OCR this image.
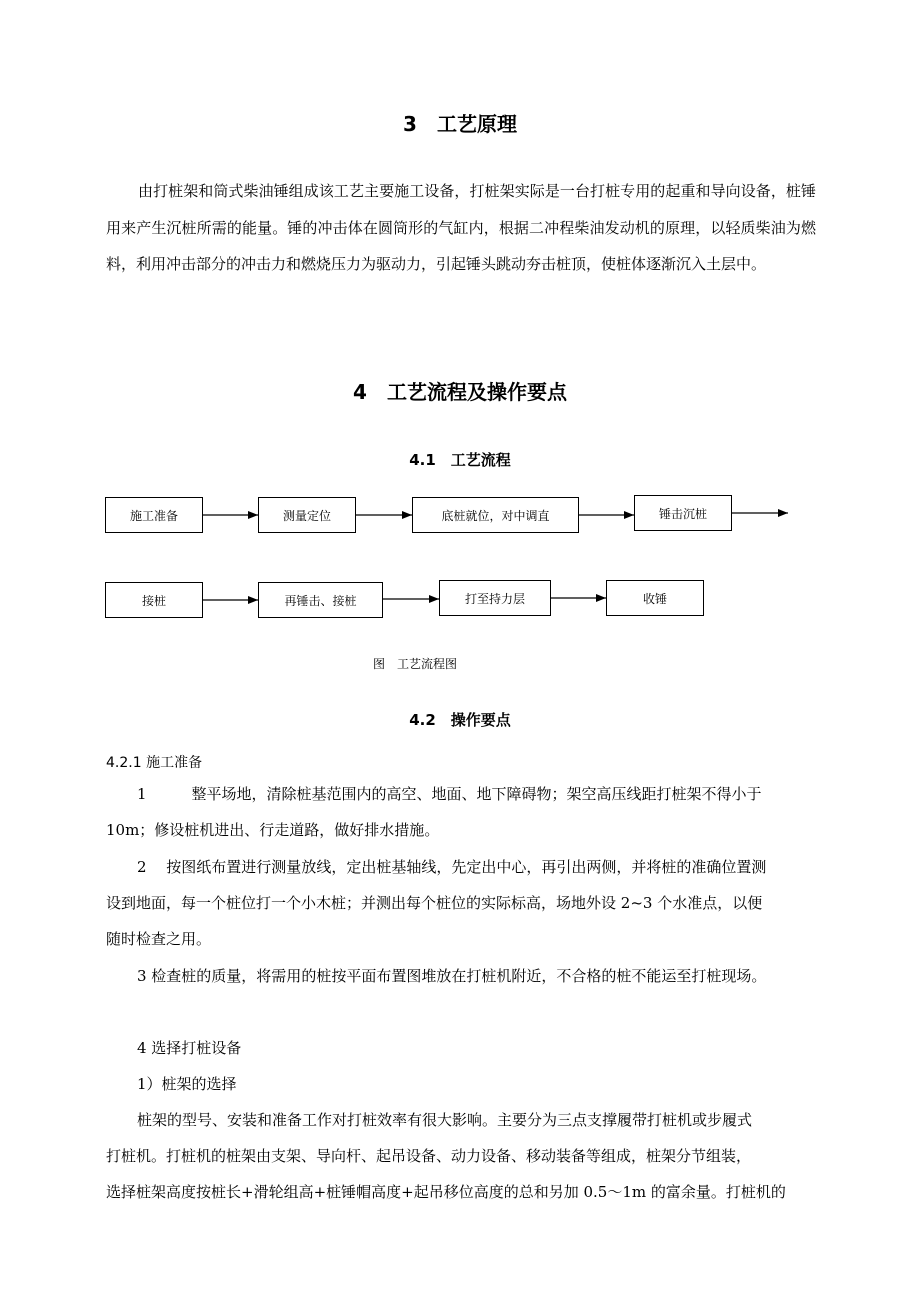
3　工艺原理

由打桩架和筒式柴油锤组成该工艺主要施工设备，打桩架实际是一台打桩专用的起重和导向设备，桩锤用来产生沉桩所需的能量。锤的冲击体在圆筒形的气缸内，根据二冲程柴油发动机的原理，以轻质柴油为燃料，利用冲击部分的冲击力和燃烧压力为驱动力，引起锤头跳动夯击桩顶，使桩体逐渐沉入土层中。

4　工艺流程及操作要点
4.1　工艺流程
施工准备	测量定位	底桩就位，对中调直	锤击沉桩
接桩	再锤击、接桩	打至持力层	收锤

图　工艺流程图

4.2　操作要点

4.2.1 施工准备

1　　　整平场地，清除桩基范围内的高空、地面、地下障碍物；架空高压线距打桩架不得小于

10m；修设桩机进出、行走道路，做好排水措施。

2　 按图纸布置进行测量放线，定出桩基轴线，先定出中心，再引出两侧，并将桩的准确位置测

设到地面，每一个桩位打一个小木桩；并测出每个桩位的实际标高，场地外设 2~3 个水准点，以便

随时检查之用。

3 检查桩的质量，将需用的桩按平面布置图堆放在打桩机附近，不合格的桩不能运至打桩现场。

4 选择打桩设备

1）桩架的选择

桩架的型号、安装和准备工作对打桩效率有很大影响。主要分为三点支撑履带打桩机或步履式

打桩机。打桩机的桩架由支架、导向杆、起吊设备、动力设备、移动装备等组成，桩架分节组装，

选择桩架高度按桩长+滑轮组高+桩锤帽高度+起吊移位高度的总和另加 0.5～1m 的富余量。打桩机的
